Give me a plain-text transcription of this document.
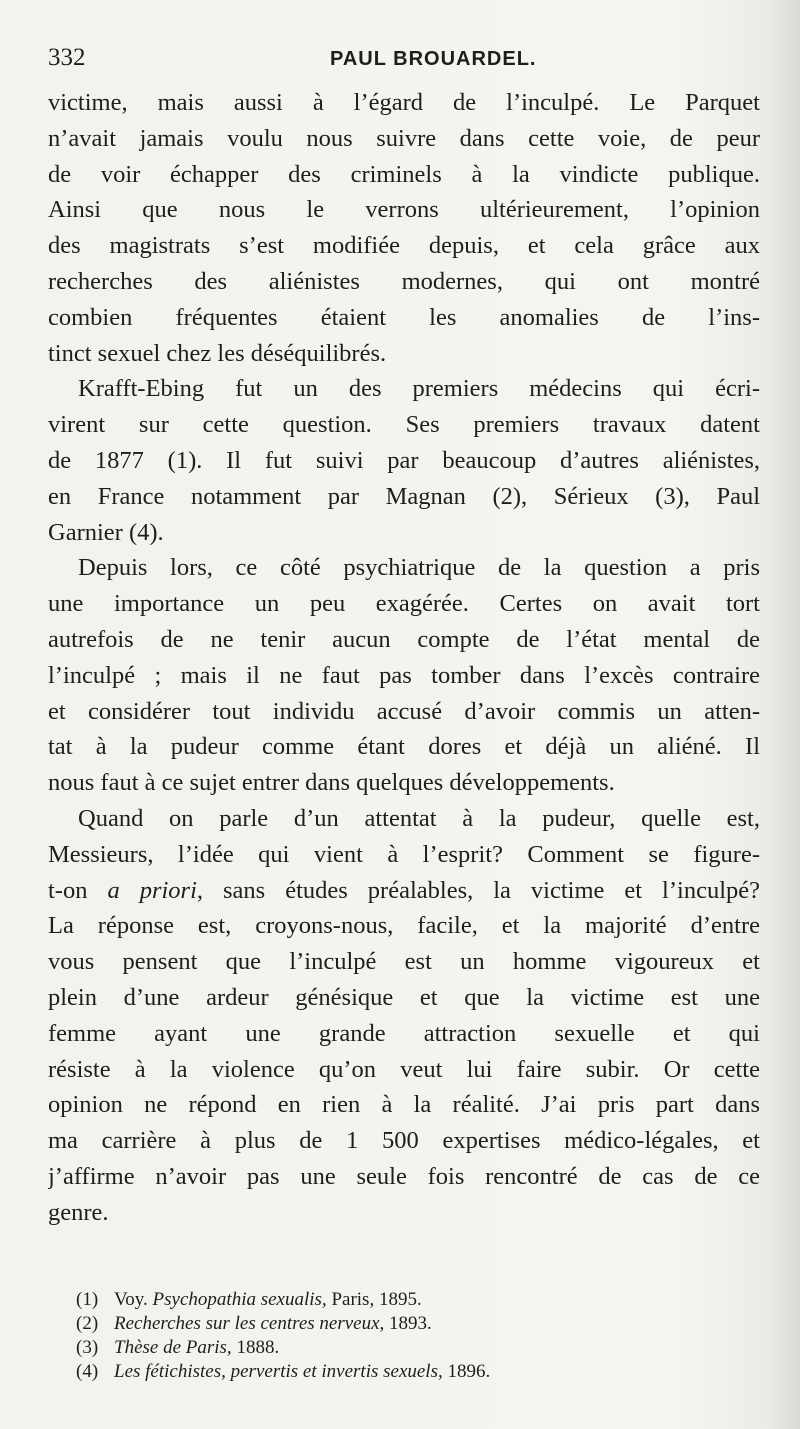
332	PAUL BROUARDEL.
victime, mais aussi à l’égard de l’inculpé. Le Parquet
n’avait jamais voulu nous suivre dans cette voie, de peur
de voir échapper des criminels à la vindicte publique.
Ainsi que nous le verrons ultérieurement, l’opinion
des magistrats s’est modifiée depuis, et cela grâce aux
recherches des aliénistes modernes, qui ont montré
combien fréquentes étaient les anomalies de l’ins-
tinct sexuel chez les déséquilibrés.
Krafft-Ebing fut un des premiers médecins qui écri-
virent sur cette question. Ses premiers travaux datent
de 1877 (1). Il fut suivi par beaucoup d’autres aliénistes,
en France notamment par Magnan (2), Sérieux (3), Paul
Garnier (4).
Depuis lors, ce côté psychiatrique de la question a pris
une importance un peu exagérée. Certes on avait tort
autrefois de ne tenir aucun compte de l’état mental de
l’inculpé ; mais il ne faut pas tomber dans l’excès contraire
et considérer tout individu accusé d’avoir commis un atten-
tat à la pudeur comme étant dores et déjà un aliéné. Il
nous faut à ce sujet entrer dans quelques développements.
Quand on parle d’un attentat à la pudeur, quelle est,
Messieurs, l’idée qui vient à l’esprit? Comment se figure-
t-on a priori, sans études préalables, la victime et l’inculpé?
La réponse est, croyons-nous, facile, et la majorité d’entre
vous pensent que l’inculpé est un homme vigoureux et
plein d’une ardeur génésique et que la victime est une
femme ayant une grande attraction sexuelle et qui
résiste à la violence qu’on veut lui faire subir. Or cette
opinion ne répond en rien à la réalité. J’ai pris part dans
ma carrière à plus de 1 500 expertises médico-légales, et
j’affirme n’avoir pas une seule fois rencontré de cas de ce
genre.
(1) Voy. Psychopathia sexualis, Paris, 1895.
(2) Recherches sur les centres nerveux, 1893.
(3) Thèse de Paris, 1888.
(4) Les fétichistes, pervertis et invertis sexuels, 1896.
